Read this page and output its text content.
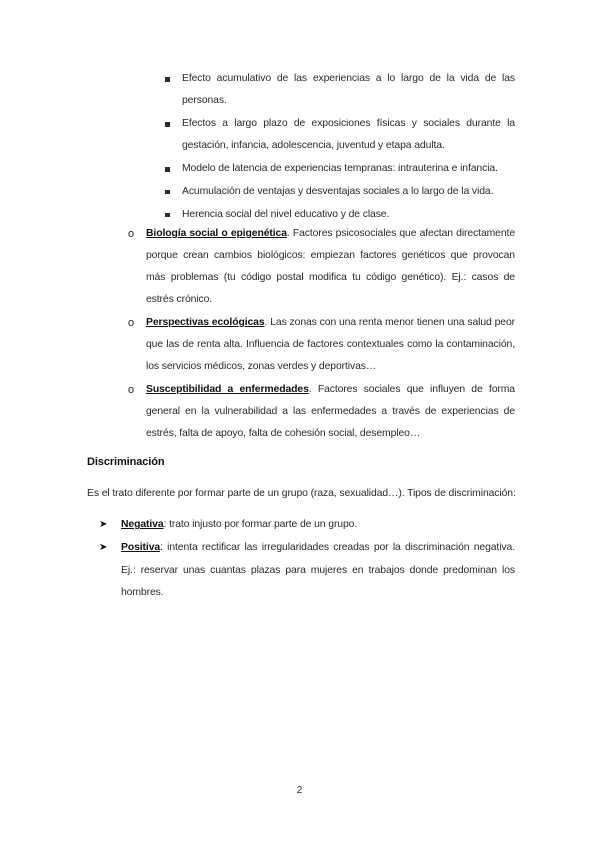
Efecto acumulativo de las experiencias a lo largo de la vida de las personas.
Efectos a largo plazo de exposiciones físicas y sociales durante la gestación, infancia, adolescencia, juventud y etapa adulta.
Modelo de latencia de experiencias tempranas: intrauterina e infancia.
Acumulación de ventajas y desventajas sociales a lo largo de la vida.
Herencia social del nivel educativo y de clase.
o Biología social o epigenética. Factores psicosociales que afectan directamente porque crean cambios biológicos: empiezan factores genéticos que provocan más problemas (tu código postal modifica tu código genético). Ej.: casos de estrés crónico.
o Perspectivas ecológicas. Las zonas con una renta menor tienen una salud peor que las de renta alta. Influencia de factores contextuales como la contaminación, los servicios médicos, zonas verdes y deportivas…
o Susceptibilidad a enfermedades. Factores sociales que influyen de forma general en la vulnerabilidad a las enfermedades a través de experiencias de estrés, falta de apoyo, falta de cohesión social, desempleo…
Discriminación
Es el trato diferente por formar parte de un grupo (raza, sexualidad…). Tipos de discriminación:
➤ Negativa: trato injusto por formar parte de un grupo.
➤ Positiva: intenta rectificar las irregularidades creadas por la discriminación negativa. Ej.: reservar unas cuantas plazas para mujeres en trabajos donde predominan los hombres.
2
